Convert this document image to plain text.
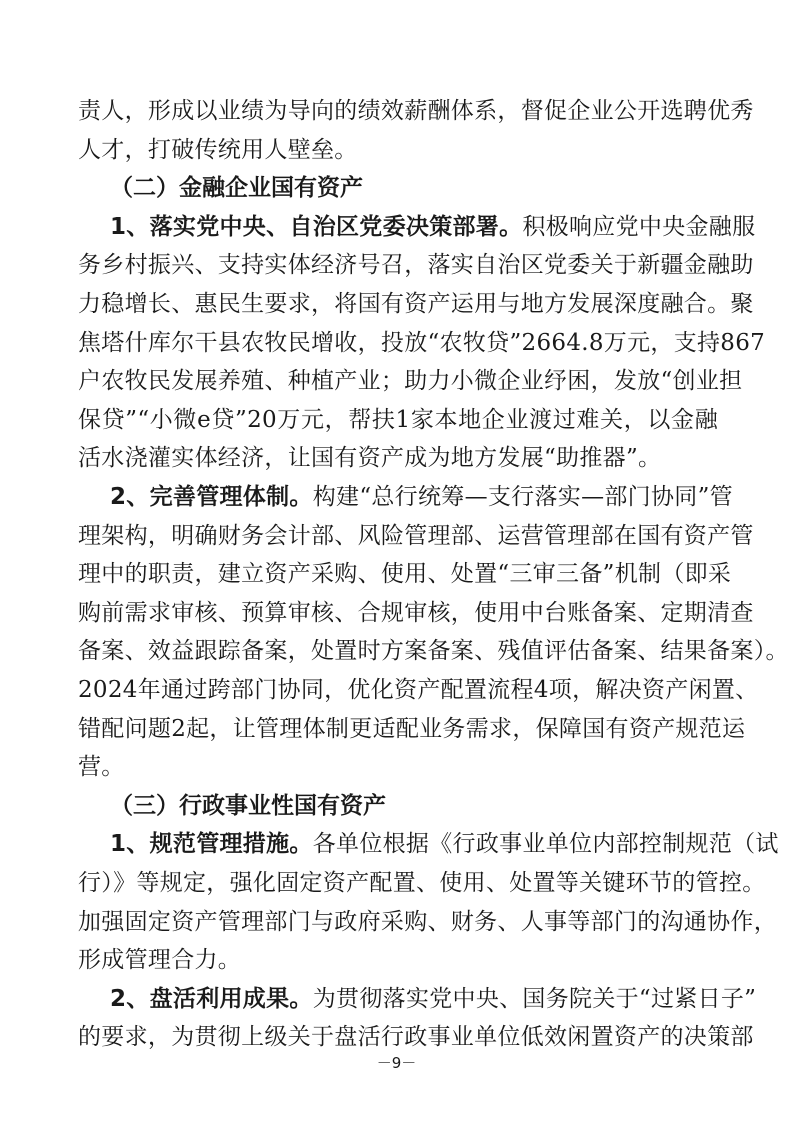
责人，形成以业绩为导向的绩效薪酬体系，督促企业公开选聘优秀
人才，打破传统用人壁垒。
（二）金融企业国有资产
1、落实党中央、自治区党委决策部署。积极响应党中央金融服
务乡村振兴、支持实体经济号召，落实自治区党委关于新疆金融助
力稳增长、惠民生要求，将国有资产运用与地方发展深度融合。聚
焦塔什库尔干县农牧民增收，投放“农牧贷”2664.8万元，支持867
户农牧民发展养殖、种植产业；助力小微企业纾困，发放“创业担
保贷”“小微e贷”20万元，帮扶1家本地企业渡过难关，以金融
活水浇灌实体经济，让国有资产成为地方发展“助推器”。
2、完善管理体制。构建“总行统筹—支行落实—部门协同”管
理架构，明确财务会计部、风险管理部、运营管理部在国有资产管
理中的职责，建立资产采购、使用、处置“三审三备”机制（即采
购前需求审核、预算审核、合规审核，使用中台账备案、定期清查
备案、效益跟踪备案，处置时方案备案、残值评估备案、结果备案）。
2024年通过跨部门协同，优化资产配置流程4项，解决资产闲置、
错配问题2起，让管理体制更适配业务需求，保障国有资产规范运
营。
（三）行政事业性国有资产
－9－
1、规范管理措施。各单位根据《行政事业单位内部控制规范（试
行）》等规定，强化固定资产配置、使用、处置等关键环节的管控。
加强固定资产管理部门与政府采购、财务、人事等部门的沟通协作，
形成管理合力。
2、盘活利用成果。为贯彻落实党中央、国务院关于“过紧日子”
的要求，为贯彻上级关于盘活行政事业单位低效闲置资产的决策部
